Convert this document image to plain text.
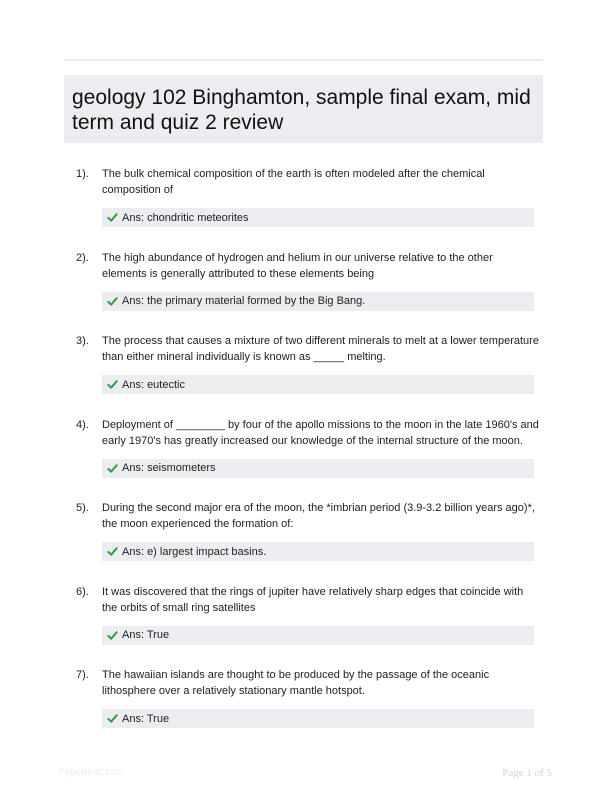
geology 102 Binghamton, sample final exam, mid term and quiz 2 review
1). The bulk chemical composition of the earth is often modeled after the chemical composition of
Ans: chondritic meteorites
2). The high abundance of hydrogen and helium in our universe relative to the other elements is generally attributed to these elements being
Ans: the primary material formed by the Big Bang.
3). The process that causes a mixture of two different minerals to melt at a lower temperature than either mineral individually is known as _____ melting.
Ans: eutectic
4). Deployment of ________ by four of the apollo missions to the moon in the late 1960's and early 1970's has greatly increased our knowledge of the internal structure of the moon.
Ans: seismometers
5). During the second major era of the moon, the *imbrian period (3.9-3.2 billion years ago)*, the moon experienced the formation of:
Ans: e) largest impact basins.
6). It was discovered that the rings of jupiter have relatively sharp edges that coincide with the orbits of small ring satellites
Ans: True
7). The hawaiian islands are thought to be produced by the passage of the oceanic lithosphere over a relatively stationary mantle hotspot.
Ans: True
Paperfinic.com	Page 1 of 5
